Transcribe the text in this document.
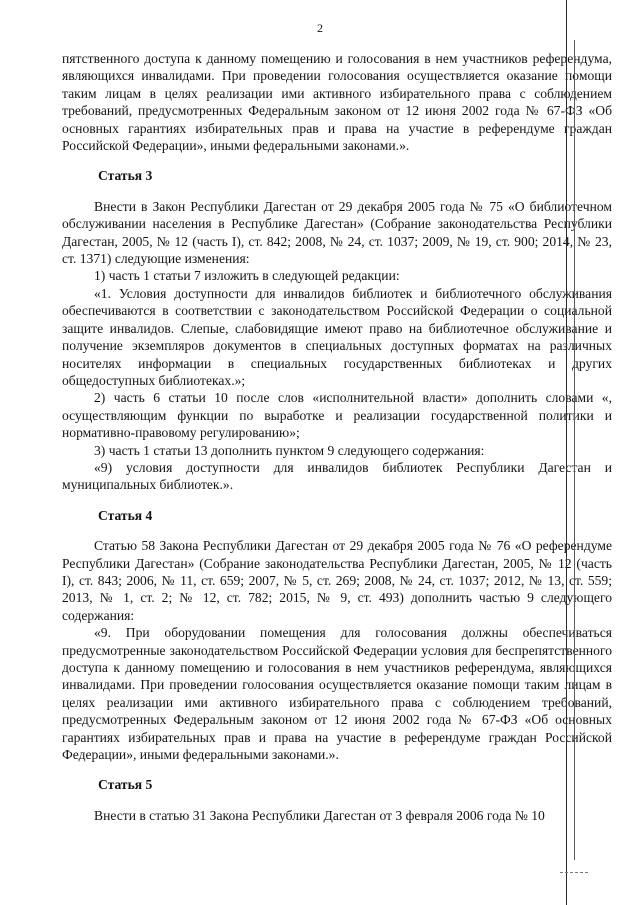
2

пятственного доступа к данному помещению и голосования в нем участников референдума, являющихся инвалидами. При проведении голосования осуществляется оказание помощи таким лицам в целях реализации ими активного избирательного права с соблюдением требований, предусмотренных Федеральным законом от 12 июня 2002 года № 67-ФЗ «Об основных гарантиях избирательных прав и права на участие в референдуме граждан Российской Федерации», иными федеральными законами.».

Статья 3

Внести в Закон Республики Дагестан от 29 декабря 2005 года № 75 «О библиотечном обслуживании населения в Республике Дагестан» (Собрание законодательства Республики Дагестан, 2005, № 12 (часть I), ст. 842; 2008, № 24, ст. 1037; 2009, № 19, ст. 900; 2014, № 23, ст. 1371) следующие изменения:

1) часть 1 статьи 7 изложить в следующей редакции:

«1. Условия доступности для инвалидов библиотек и библиотечного обслуживания обеспечиваются в соответствии с законодательством Российской Федерации о социальной защите инвалидов. Слепые, слабовидящие имеют право на библиотечное обслуживание и получение экземпляров документов в специальных доступных форматах на различных носителях информации в специальных государственных библиотеках и других общедоступных библиотеках.»;

2) часть 6 статьи 10 после слов «исполнительной власти» дополнить словами «, осуществляющим функции по выработке и реализации государственной политики и нормативно-правовому регулированию»;

3) часть 1 статьи 13 дополнить пунктом 9 следующего содержания:

«9) условия доступности для инвалидов библиотек Республики Дагестан и муниципальных библиотек.».

Статья 4

Статью 58 Закона Республики Дагестан от 29 декабря 2005 года № 76 «О референдуме Республики Дагестан» (Собрание законодательства Республики Дагестан, 2005, № 12 (часть I), ст. 843; 2006, № 11, ст. 659; 2007, № 5, ст. 269; 2008, № 24, ст. 1037; 2012, № 13, ст. 559; 2013, № 1, ст. 2; № 12, ст. 782; 2015, № 9, ст. 493) дополнить частью 9 следующего содержания:

«9. При оборудовании помещения для голосования должны обеспечиваться предусмотренные законодательством Российской Федерации условия для беспрепятственного доступа к данному помещению и голосования в нем участников референдума, являющихся инвалидами. При проведении голосования осуществляется оказание помощи таким лицам в целях реализации ими активного избирательного права с соблюдением требований, предусмотренных Федеральным законом от 12 июня 2002 года № 67-ФЗ «Об основных гарантиях избирательных прав и права на участие в референдуме граждан Российской Федерации», иными федеральными законами.».

Статья 5

Внести в статью 31 Закона Республики Дагестан от 3 февраля 2006 года № 10
